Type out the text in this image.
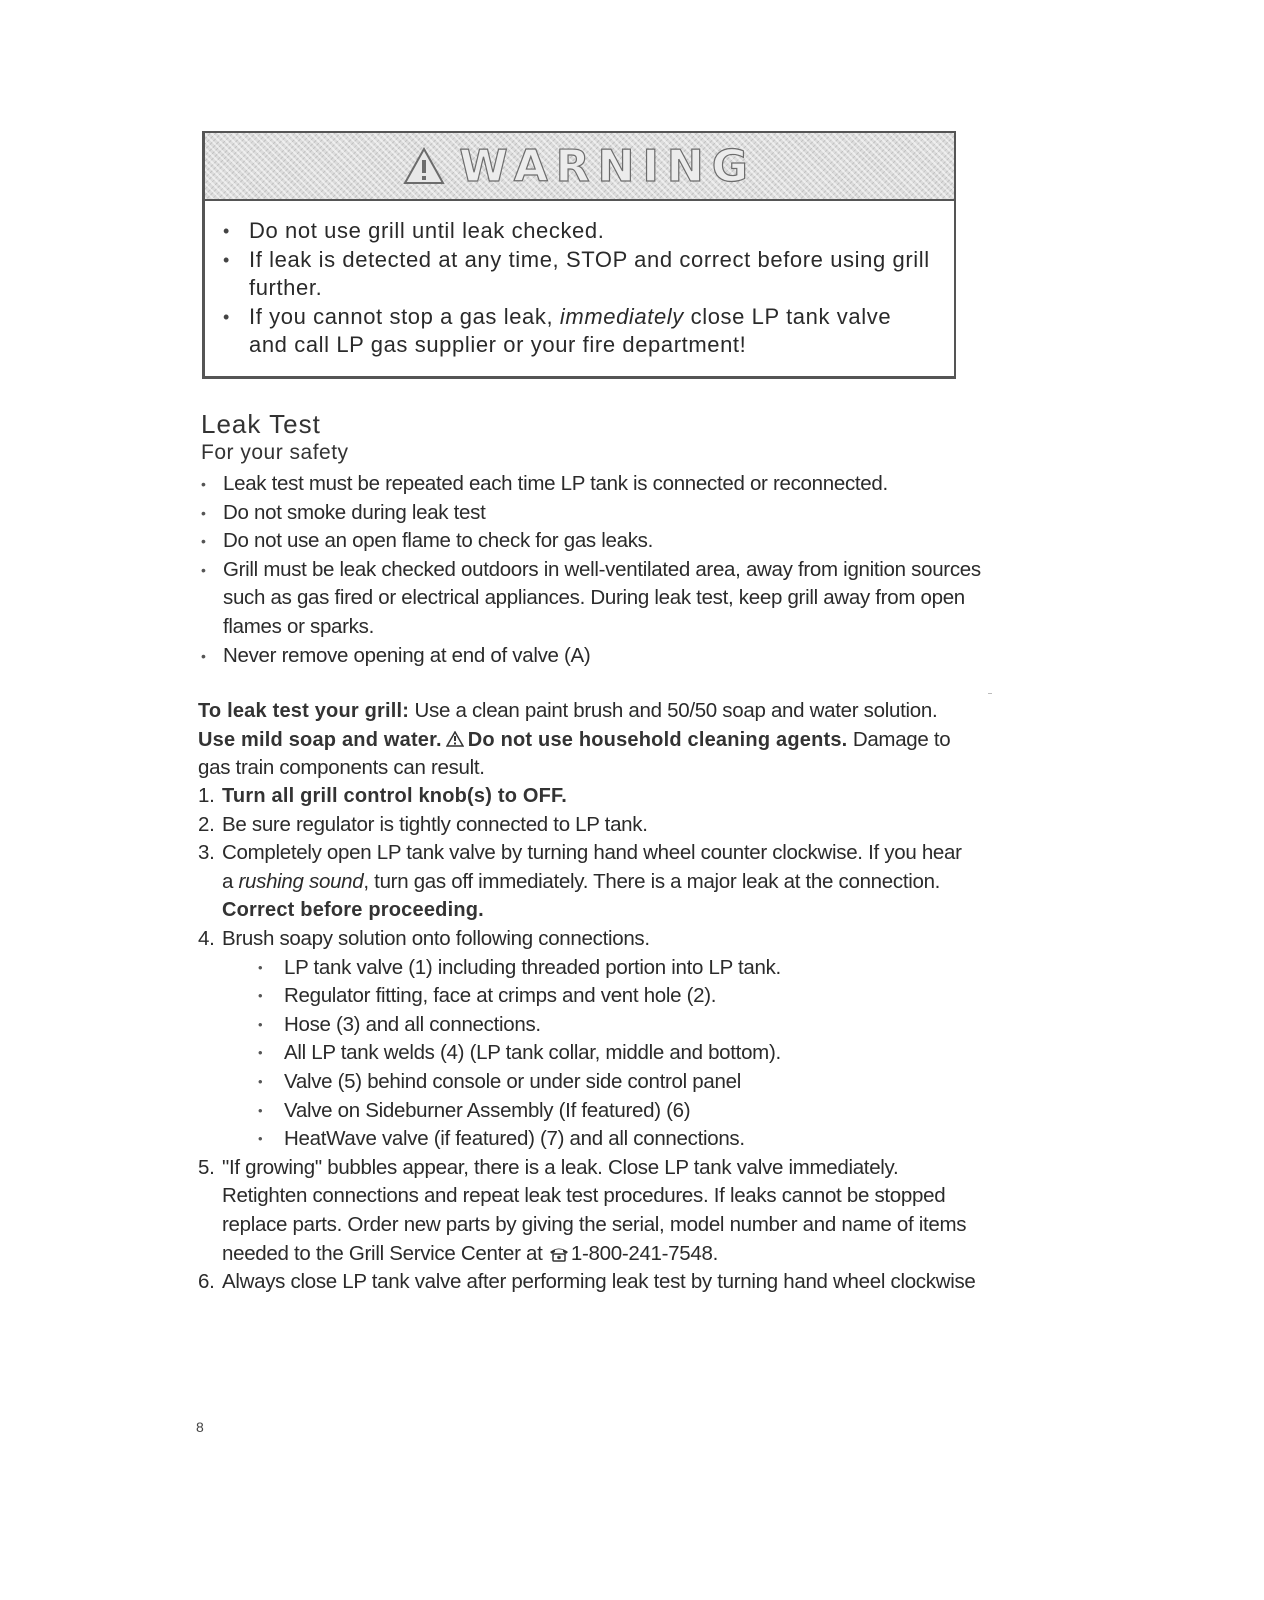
WARNING
• Do not use grill until leak checked.
• If leak is detected at any time, STOP and correct before using grill further.
• If you cannot stop a gas leak, immediately close LP tank valve and call LP gas supplier or your fire department!
Leak Test
For your safety
• Leak test must be repeated each time LP tank is connected or reconnected.
• Do not smoke during leak test
• Do not use an open flame to check for gas leaks.
• Grill must be leak checked outdoors in well-ventilated area, away from ignition sources such as gas fired or electrical appliances. During leak test, keep grill away from open flames or sparks.
• Never remove opening at end of valve (A)
To leak test your grill: Use a clean paint brush and 50/50 soap and water solution. Use mild soap and water. Do not use household cleaning agents. Damage to gas train components can result.
1. Turn all grill control knob(s) to OFF.
2. Be sure regulator is tightly connected to LP tank.
3. Completely open LP tank valve by turning hand wheel counter clockwise. If you hear a rushing sound, turn gas off immediately. There is a major leak at the connection. Correct before proceeding.
4. Brush soapy solution onto following connections.
• LP tank valve (1) including threaded portion into LP tank.
• Regulator fitting, face at crimps and vent hole (2).
• Hose (3) and all connections.
• All LP tank welds (4) (LP tank collar, middle and bottom).
• Valve (5) behind console or under side control panel
• Valve on Sideburner Assembly (If featured) (6)
• HeatWave valve (if featured) (7) and all connections.
5. "If growing" bubbles appear, there is a leak. Close LP tank valve immediately. Retighten connections and repeat leak test procedures. If leaks cannot be stopped replace parts. Order new parts by giving the serial, model number and name of items needed to the Grill Service Center at 1-800-241-7548.
6. Always close LP tank valve after performing leak test by turning hand wheel clockwise
8
